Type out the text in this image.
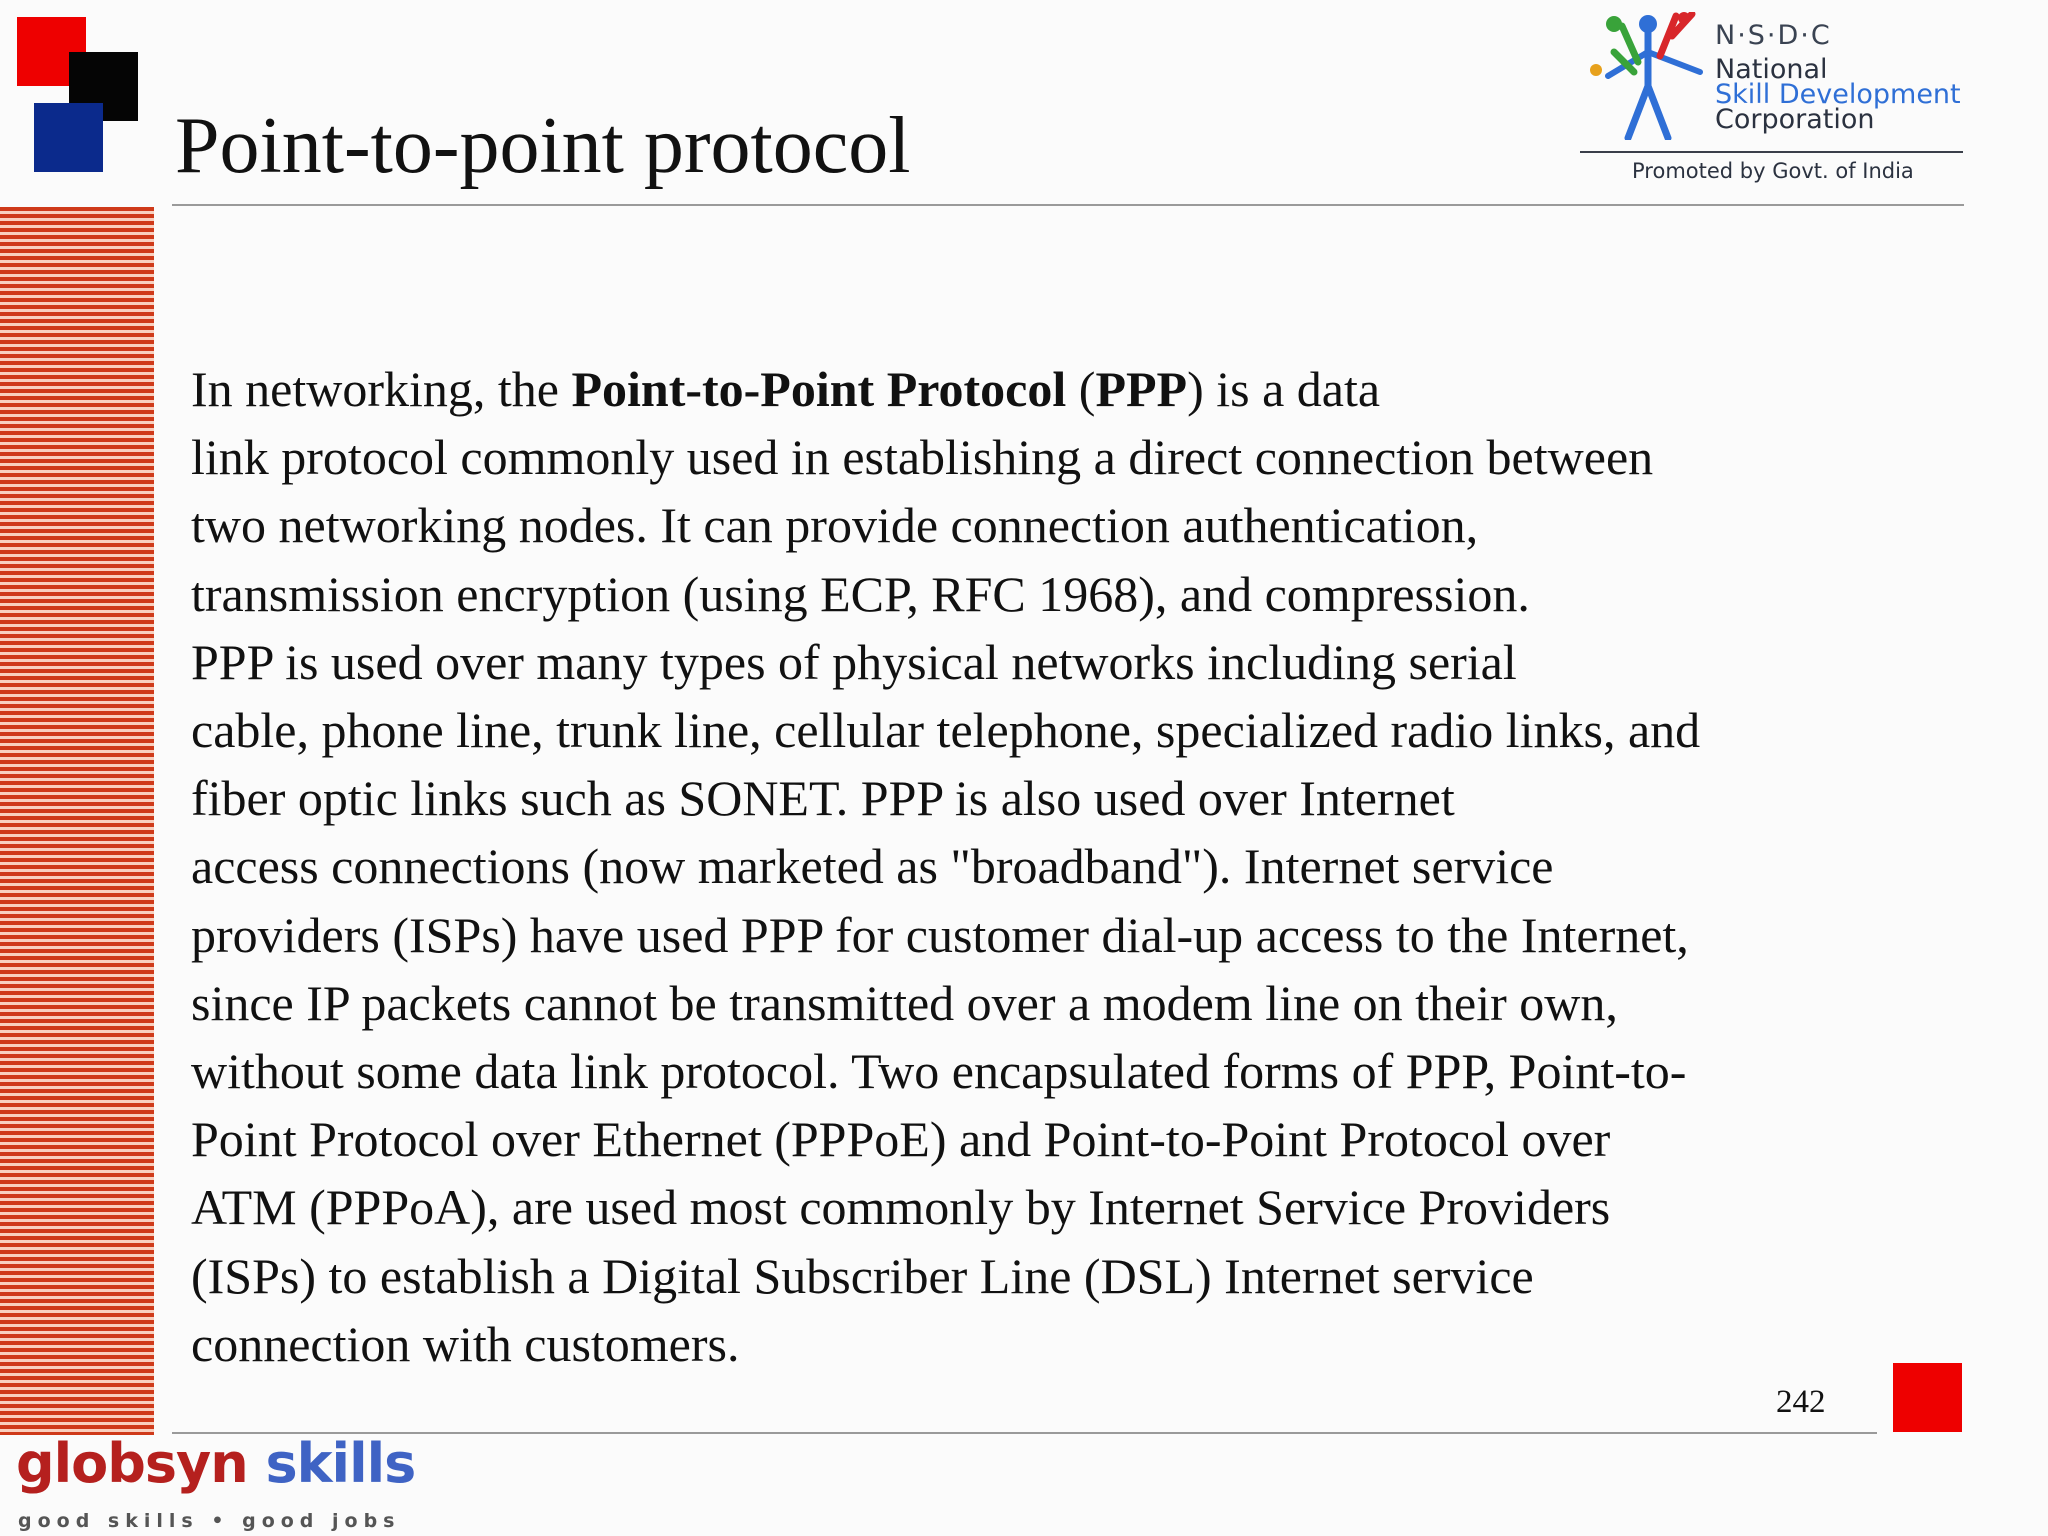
Point-to-point protocol
N·S·D·C
National
Skill Development
Corporation
Promoted by Govt. of India
In networking, the Point-to-Point Protocol (PPP) is a data
link protocol commonly used in establishing a direct connection between
two networking nodes. It can provide connection authentication,
transmission encryption (using ECP, RFC 1968), and compression.
PPP is used over many types of physical networks including serial
cable, phone line, trunk line, cellular telephone, specialized radio links, and
fiber optic links such as SONET. PPP is also used over Internet
access connections (now marketed as "broadband"). Internet service
providers (ISPs) have used PPP for customer dial-up access to the Internet,
since IP packets cannot be transmitted over a modem line on their own,
without some data link protocol. Two encapsulated forms of PPP, Point-to-
Point Protocol over Ethernet (PPPoE) and Point-to-Point Protocol over
ATM (PPPoA), are used most commonly by Internet Service Providers
(ISPs) to establish a Digital Subscriber Line (DSL) Internet service
connection with customers.
242
globsyn skills
good skills • good jobs
